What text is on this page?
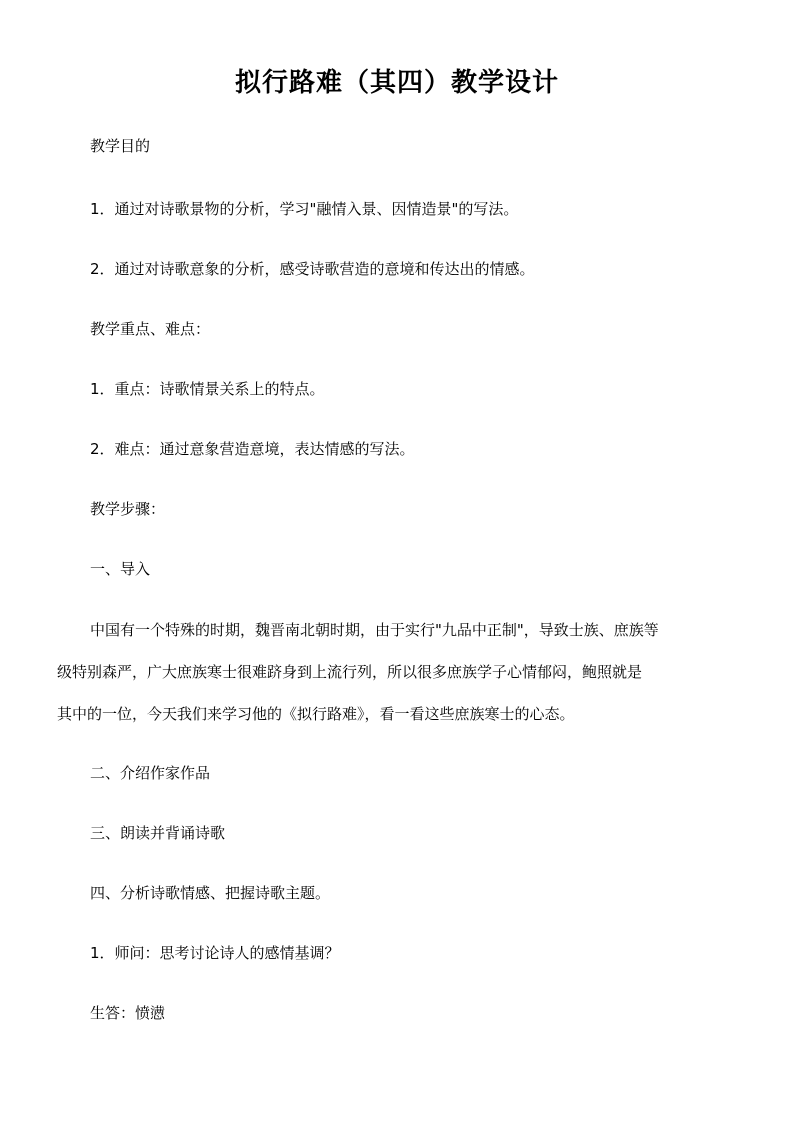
拟行路难（其四）教学设计
教学目的
1．通过对诗歌景物的分析，学习"融情入景、因情造景"的写法。
2．通过对诗歌意象的分析，感受诗歌营造的意境和传达出的情感。
教学重点、难点：
1．重点：诗歌情景关系上的特点。
2．难点：通过意象营造意境，表达情感的写法。
教学步骤：
一、导入
中国有一个特殊的时期，魏晋南北朝时期，由于实行"九品中正制"，导致士族、庶族等
级特别森严，广大庶族寒士很难跻身到上流行列，所以很多庶族学子心情郁闷，鲍照就是
其中的一位，今天我们来学习他的《拟行路难》，看一看这些庶族寒士的心态。
二、介绍作家作品
三、朗读并背诵诗歌
四、分析诗歌情感、把握诗歌主题。
1．师问：思考讨论诗人的感情基调？
生答：愤懑
